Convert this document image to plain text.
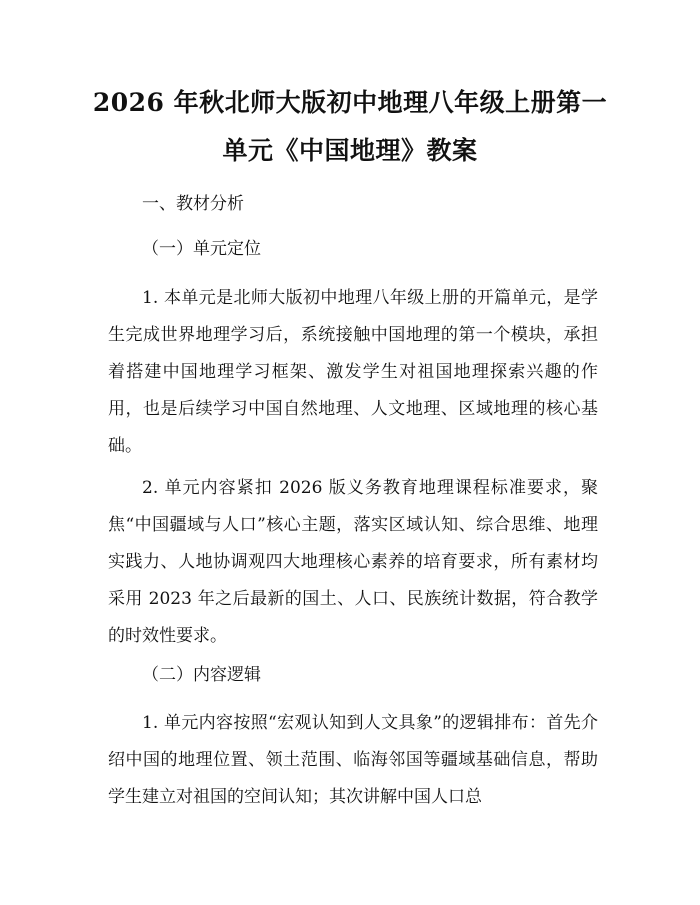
2026 年秋北师大版初中地理八年级上册第一
单元《中国地理》教案

一、教材分析

（一）单元定位

1. 本单元是北师大版初中地理八年级上册的开篇单元，是学生完成世界地理学习后，系统接触中国地理的第一个模块，承担着搭建中国地理学习框架、激发学生对祖国地理探索兴趣的作用，也是后续学习中国自然地理、人文地理、区域地理的核心基础。

2. 单元内容紧扣 2026 版义务教育地理课程标准要求，聚焦“中国疆域与人口”核心主题，落实区域认知、综合思维、地理实践力、人地协调观四大地理核心素养的培育要求，所有素材均采用 2023 年之后最新的国土、人口、民族统计数据，符合教学的时效性要求。

（二）内容逻辑

1. 单元内容按照“宏观认知到人文具象”的逻辑排布：首先介绍中国的地理位置、领土范围、临海邻国等疆域基础信息，帮助学生建立对祖国的空间认知；其次讲解中国人口总
